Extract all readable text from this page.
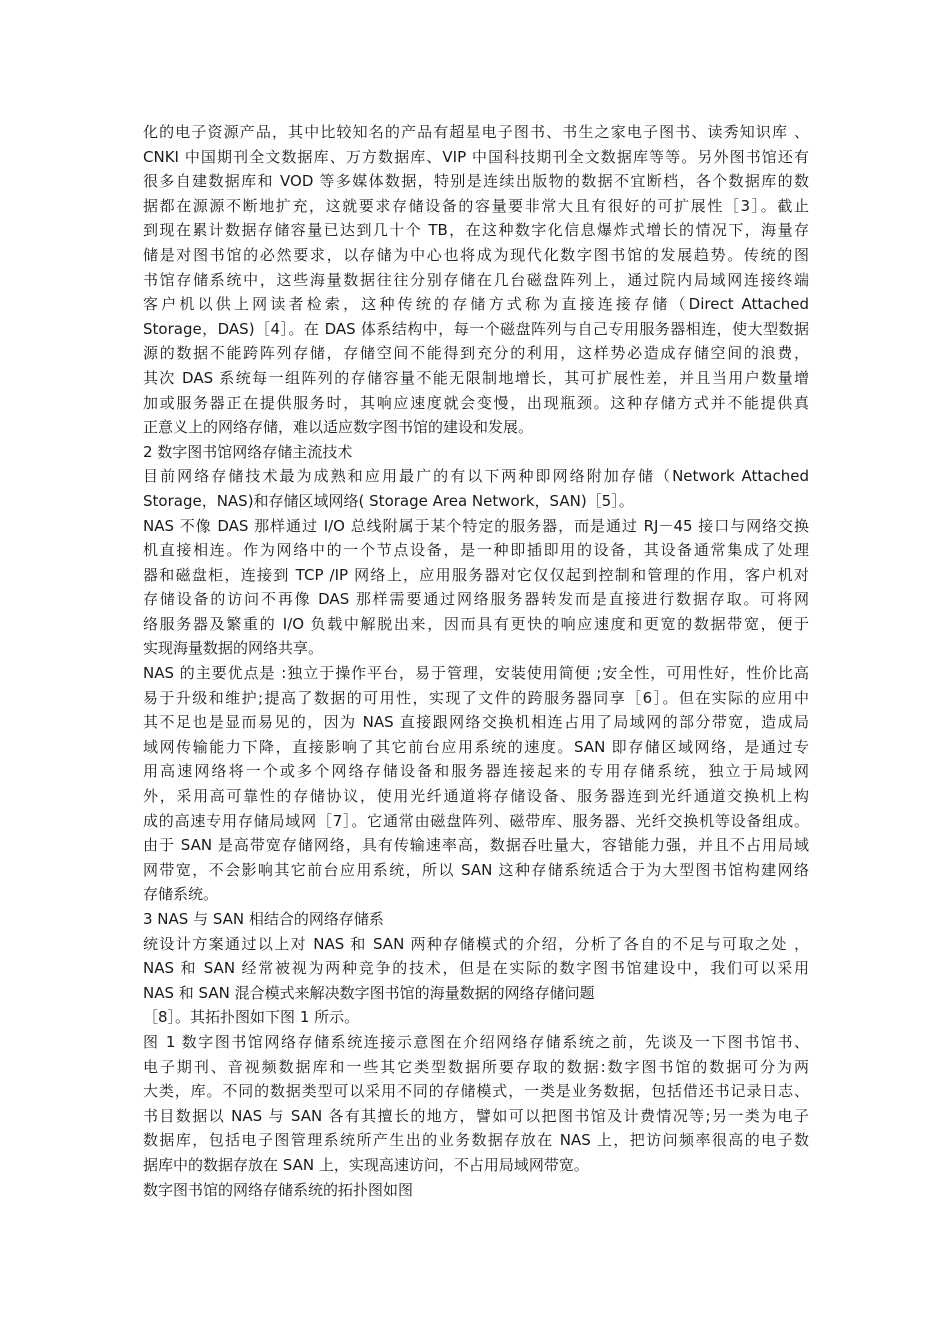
化的电子资源产品，其中比较知名的产品有超星电子图书、书生之家电子图书、读秀知识库 、
CNKI 中国期刊全文数据库、万方数据库、VIP 中国科技期刊全文数据库等等。另外图书馆还有
很多自建数据库和 VOD 等多媒体数据，特别是连续出版物的数据不宜断档，各个数据库的数
据都在源源不断地扩充，这就要求存储设备的容量要非常大且有很好的可扩展性［3］。截止
到现在累计数据存储容量已达到几十个 TB，在这种数字化信息爆炸式增长的情况下，海量存
储是对图书馆的必然要求，以存储为中心也将成为现代化数字图书馆的发展趋势。传统的图
书馆存储系统中，这些海量数据往往分别存储在几台磁盘阵列上，通过院内局域网连接终端
客户机以供上网读者检索，这种传统的存储方式称为直接连接存储（Direct Attached
Storage，DAS)［4］。在 DAS 体系结构中，每一个磁盘阵列与自己专用服务器相连，使大型数据
源的数据不能跨阵列存储，存储空间不能得到充分的利用，这样势必造成存储空间的浪费，
其次 DAS 系统每一组阵列的存储容量不能无限制地增长，其可扩展性差，并且当用户数量增
加或服务器正在提供服务时，其响应速度就会变慢，出现瓶颈。这种存储方式并不能提供真
正意义上的网络存储，难以适应数字图书馆的建设和发展。
2 数字图书馆网络存储主流技术
目前网络存储技术最为成熟和应用最广的有以下两种即网络附加存储（Network Attached
Storage，NAS)和存储区域网络( Storage Area Network，SAN)［5］。
NAS 不像 DAS 那样通过 I/O 总线附属于某个特定的服务器，而是通过 RJ－45 接口与网络交换
机直接相连。作为网络中的一个节点设备，是一种即插即用的设备，其设备通常集成了处理
器和磁盘柜，连接到 TCP /IP 网络上，应用服务器对它仅仅起到控制和管理的作用，客户机对
存储设备的访问不再像 DAS 那样需要通过网络服务器转发而是直接进行数据存取。可将网
络服务器及繁重的 I/O 负载中解脱出来，因而具有更快的响应速度和更宽的数据带宽，便于
实现海量数据的网络共享。
NAS 的主要优点是 :独立于操作平台，易于管理，安装使用简便 ;安全性，可用性好，性价比高
易于升级和维护;提高了数据的可用性，实现了文件的跨服务器同享［6］。但在实际的应用中
其不足也是显而易见的，因为 NAS 直接跟网络交换机相连占用了局域网的部分带宽，造成局
域网传输能力下降，直接影响了其它前台应用系统的速度。SAN 即存储区域网络，是通过专
用高速网络将一个或多个网络存储设备和服务器连接起来的专用存储系统，独立于局域网
外，采用高可靠性的存储协议，使用光纤通道将存储设备、服务器连到光纤通道交换机上构
成的高速专用存储局域网［7］。它通常由磁盘阵列、磁带库、服务器、光纤交换机等设备组成。
由于 SAN 是高带宽存储网络，具有传输速率高，数据吞吐量大，容错能力强，并且不占用局域
网带宽，不会影响其它前台应用系统，所以 SAN 这种存储系统适合于为大型图书馆构建网络
存储系统。
3 NAS 与 SAN 相结合的网络存储系
统设计方案通过以上对 NAS 和 SAN 两种存储模式的介绍，分析了各自的不足与可取之处 ，
NAS 和 SAN 经常被视为两种竞争的技术，但是在实际的数字图书馆建设中，我们可以采用
NAS 和 SAN 混合模式来解决数字图书馆的海量数据的网络存储问题
［8］。其拓扑图如下图 1 所示。
图 1 数字图书馆网络存储系统连接示意图在介绍网络存储系统之前，先谈及一下图书馆书、
电子期刊、音视频数据库和一些其它类型数据所要存取的数据:数字图书馆的数据可分为两
大类，库。不同的数据类型可以采用不同的存储模式，一类是业务数据，包括借还书记录日志、
书目数据以 NAS 与 SAN 各有其擅长的地方，譬如可以把图书馆及计费情况等;另一类为电子
数据库，包括电子图管理系统所产生出的业务数据存放在 NAS 上，把访问频率很高的电子数
据库中的数据存放在 SAN 上，实现高速访问，不占用局域网带宽。
数字图书馆的网络存储系统的拓扑图如图
